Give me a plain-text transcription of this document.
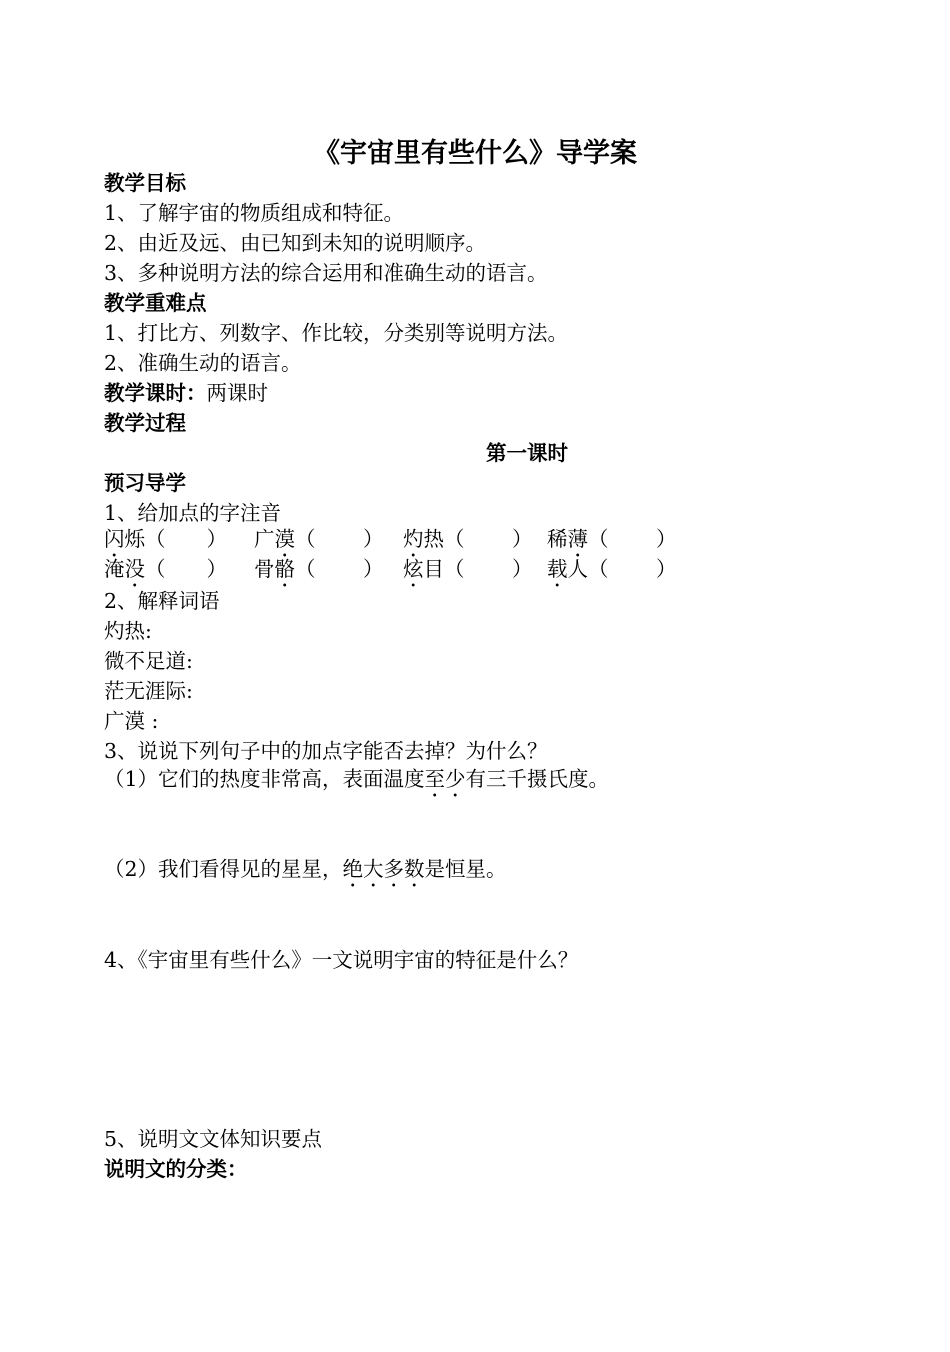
《宇宙里有些什么》导学案
教学目标
1、了解宇宙的物质组成和特征。
2、由近及远、由已知到未知的说明顺序。
3、多种说明方法的综合运用和准确生动的语言。
教学重难点
1、打比方、列数字、作比较，分类别等说明方法。
2、准确生动的语言。
教学课时：两课时
教学过程
第一课时
预习导学
1、给加点的字注音
闪烁（　　） 广漠（　　 ） 灼热（　　 ） 稀薄（　　 ）
淹没（　　） 骨骼（　　 ） 炫目（　　 ） 载人（　　 ）
2、解释词语
灼热:
微不足道:
茫无涯际:
广漠 :
3、说说下列句子中的加点字能否去掉？为什么？
（1）它们的热度非常高，表面温度至少有三千摄氏度。
（2）我们看得见的星星，绝大多数是恒星。
4、《宇宙里有些什么》一文说明宇宙的特征是什么？
5、说明文文体知识要点
说明文的分类：
